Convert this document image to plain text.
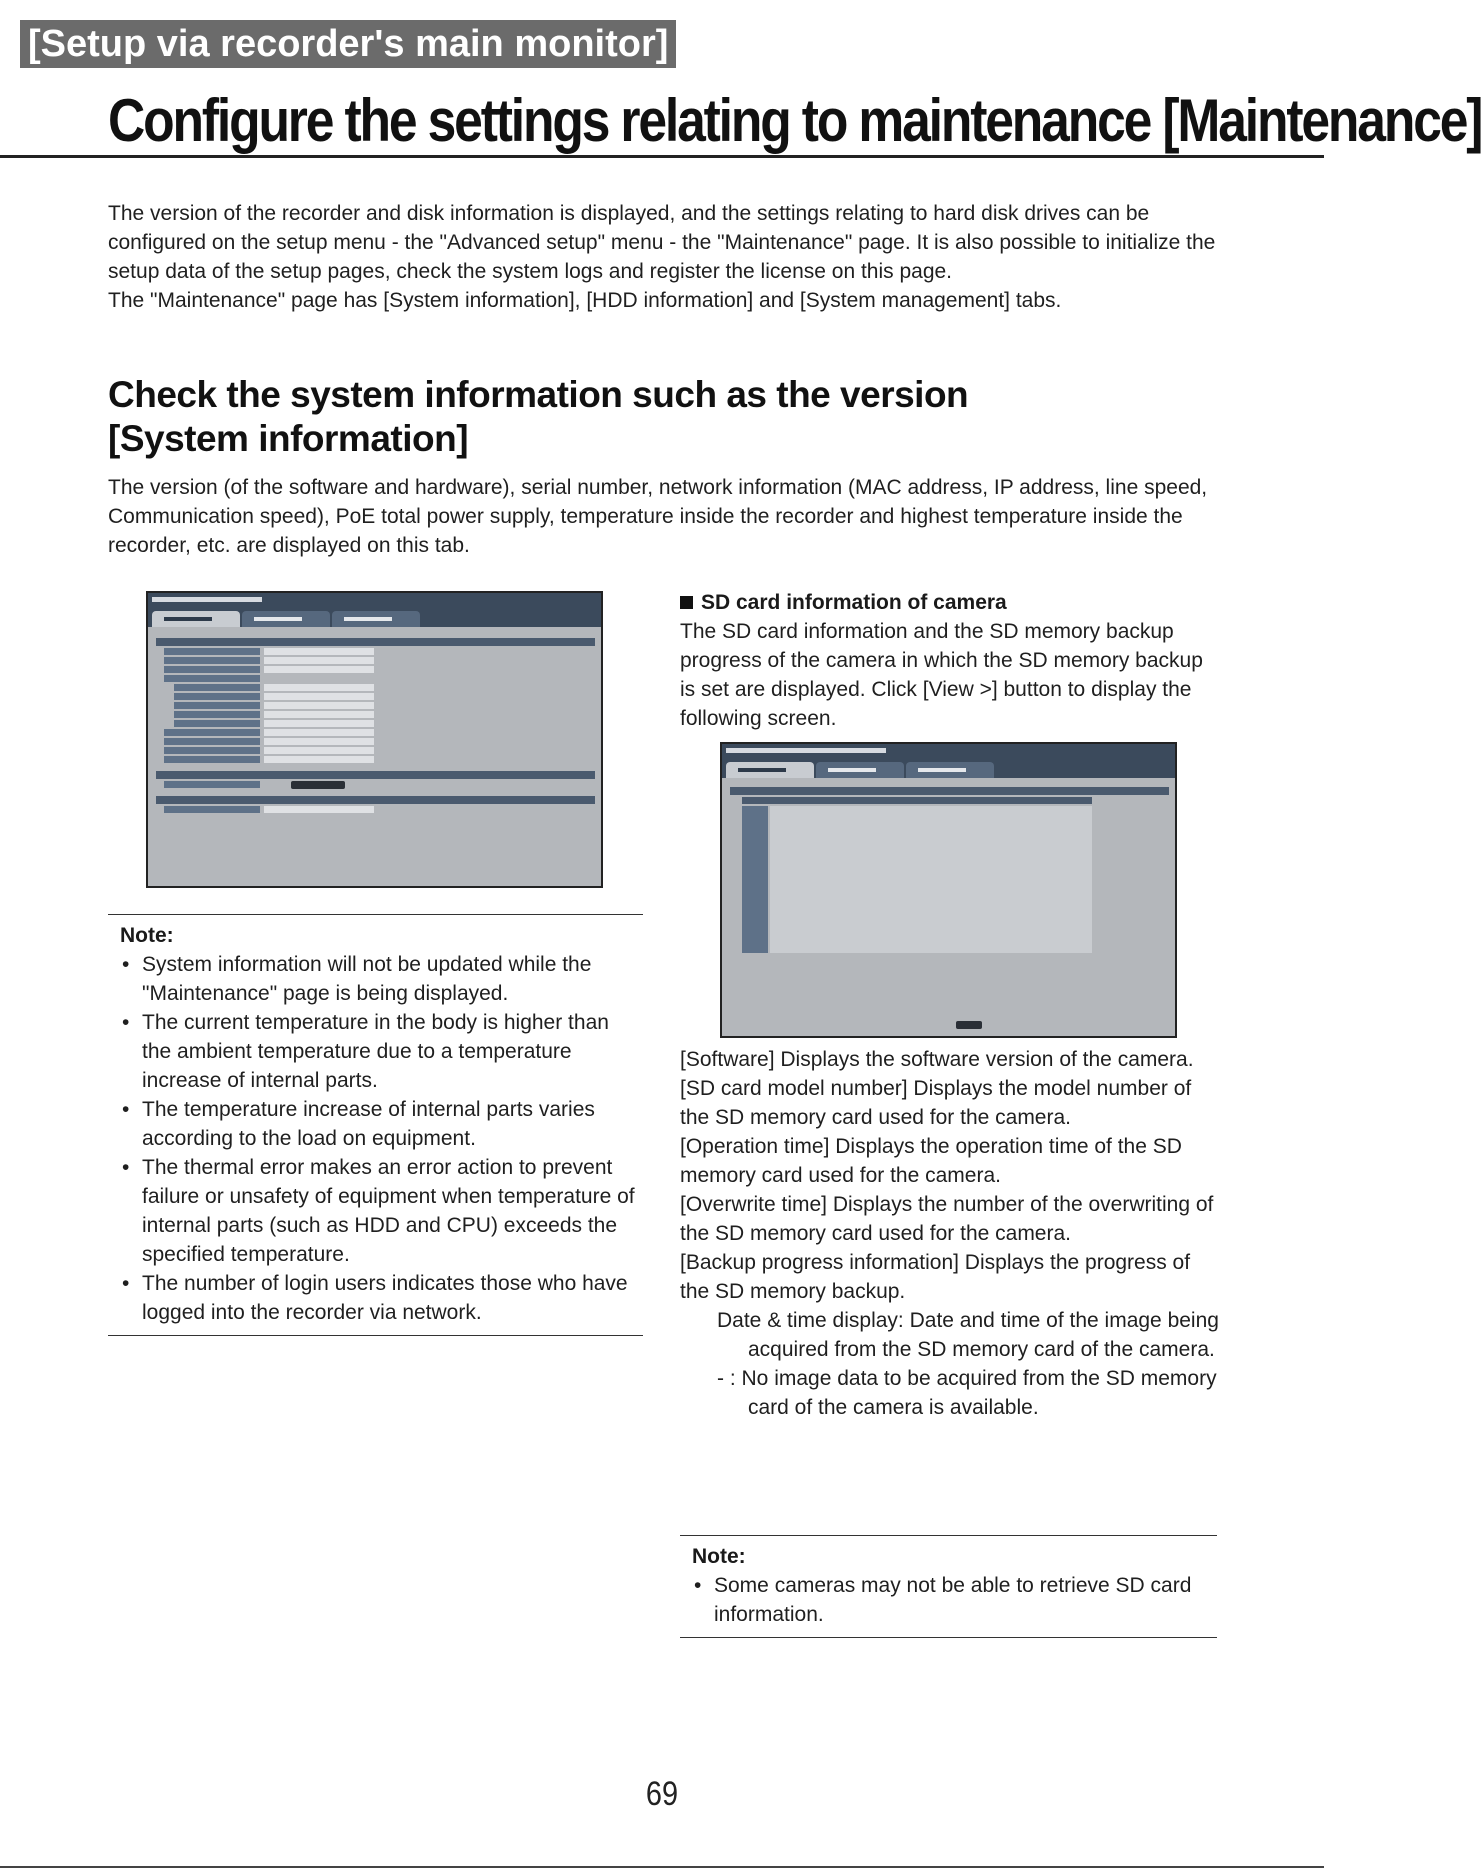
[Setup via recorder's main monitor]
Configure the settings relating to maintenance [Maintenance]

The version of the recorder and disk information is displayed, and the settings relating to hard disk drives can be configured on the setup menu - the "Advanced setup" menu - the "Maintenance" page. It is also possible to initialize the setup data of the setup pages, check the system logs and register the license on this page.

The "Maintenance" page has [System information], [HDD information] and [System management] tabs.

Check the system information such as the version
[System information]

The version (of the software and hardware), serial number, network information (MAC address, IP address, line speed, Communication speed), PoE total power supply, temperature inside the recorder and highest temperature inside the recorder, etc. are displayed on this tab.

Note:

• System information will not be updated while the "Maintenance" page is being displayed.
• The current temperature in the body is higher than the ambient temperature due to a temperature increase of internal parts.
• The temperature increase of internal parts varies according to the load on equipment.
• The thermal error makes an error action to prevent failure or unsafety of equipment when temperature of internal parts (such as HDD and CPU) exceeds the specified temperature.
• The number of login users indicates those who have logged into the recorder via network.

SD card information of camera

The SD card information and the SD memory backup progress of the camera in which the SD memory backup is set are displayed. Click [View >] button to display the following screen.

[Software] Displays the software version of the camera.

[SD card model number] Displays the model number of the SD memory card used for the camera.

[Operation time] Displays the operation time of the SD memory card used for the camera.

[Overwrite time] Displays the number of the overwriting of the SD memory card used for the camera.

[Backup progress information] Displays the progress of the SD memory backup.

Date & time display: Date and time of the image being acquired from the SD memory card of the camera.

- : No image data to be acquired from the SD memory card of the camera is available.

Note:

• Some cameras may not be able to retrieve SD card information.
69
